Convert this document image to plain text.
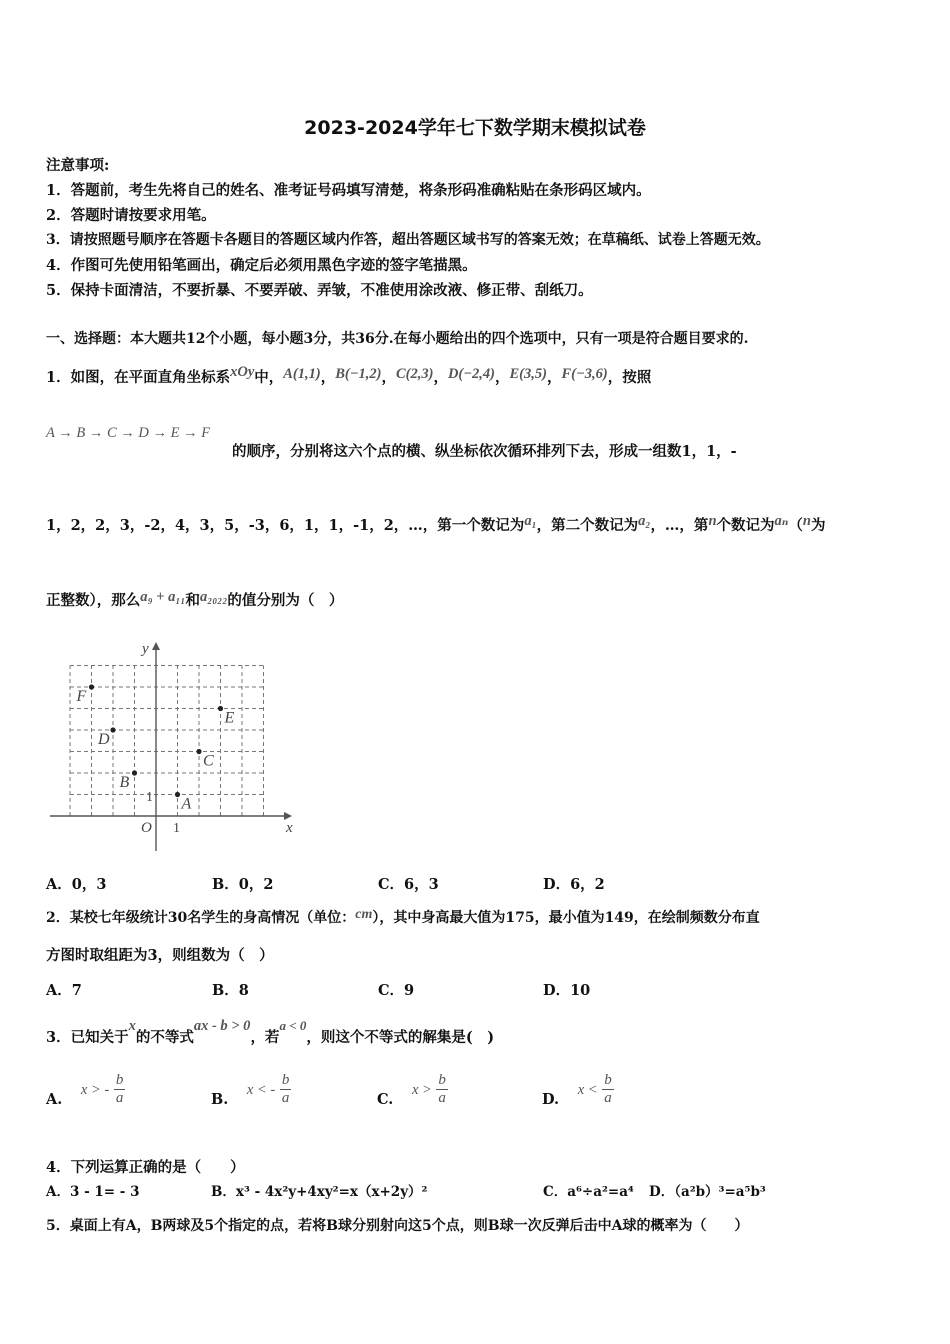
2023-2024学年七下数学期末模拟试卷
注意事项:
1．答题前，考生先将自己的姓名、准考证号码填写清楚，将条形码准确粘贴在条形码区域内。
2．答题时请按要求用笔。
3．请按照题号顺序在答题卡各题目的答题区域内作答，超出答题区域书写的答案无效；在草稿纸、试卷上答题无效。
4．作图可先使用铅笔画出，确定后必须用黑色字迹的签字笔描黑。
5．保持卡面清洁，不要折暴、不要弄破、弄皱，不准使用涂改液、修正带、刮纸刀。
一、选择题：本大题共12个小题，每小题3分，共36分.在每小题给出的四个选项中，只有一项是符合题目要求的.
1．如图，在平面直角坐标系xOy中，A(1,1)，B(−1,2)，C(2,3)，D(−2,4)，E(3,5)，F(−3,6)，按照
A → B → C → D → E → F
的顺序，分别将这六个点的横、纵坐标依次循环排列下去，形成一组数1，1，-
1，2，2，3，-2，4，3，5，-3，6，1，1，-1，2，…，第一个数记为a₁，第二个数记为a₂，…，第n个数记为aₙ（n为
正整数），那么a₉ + a₁₁和a₂₀₂₂的值分别为（　）
x
y
O 1
1 A
B
C
D
E
F
A．0，3	B．0，2	C．6，3	D．6，2
2．某校七年级统计30名学生的身高情况（单位：cm），其中身高最大值为175，最小值为149，在绘制频数分布直
方图时取组距为3，则组数为（　）
A．7	B．8	C．9	D．10
3．已知关于x的不等式ax - b > 0，若a < 0，则这个不等式的解集是(　)
A. x > - $\frac{b}{a}$	B. x < - $\frac{b}{a}$	C. $x > \frac{b}{a}$	D. $x < \frac{b}{a}$
4．下列运算正确的是（　　）
A．3 - 1= - 3	B．x³ - 4x²y+4xy²=x（x+2y）²	C．a⁶÷a²=a⁴ D．（a²b）³=a⁵b³
5．桌面上有A，B两球及5个指定的点，若将B球分别射向这5个点，则B球一次反弹后击中A球的概率为（　　）
